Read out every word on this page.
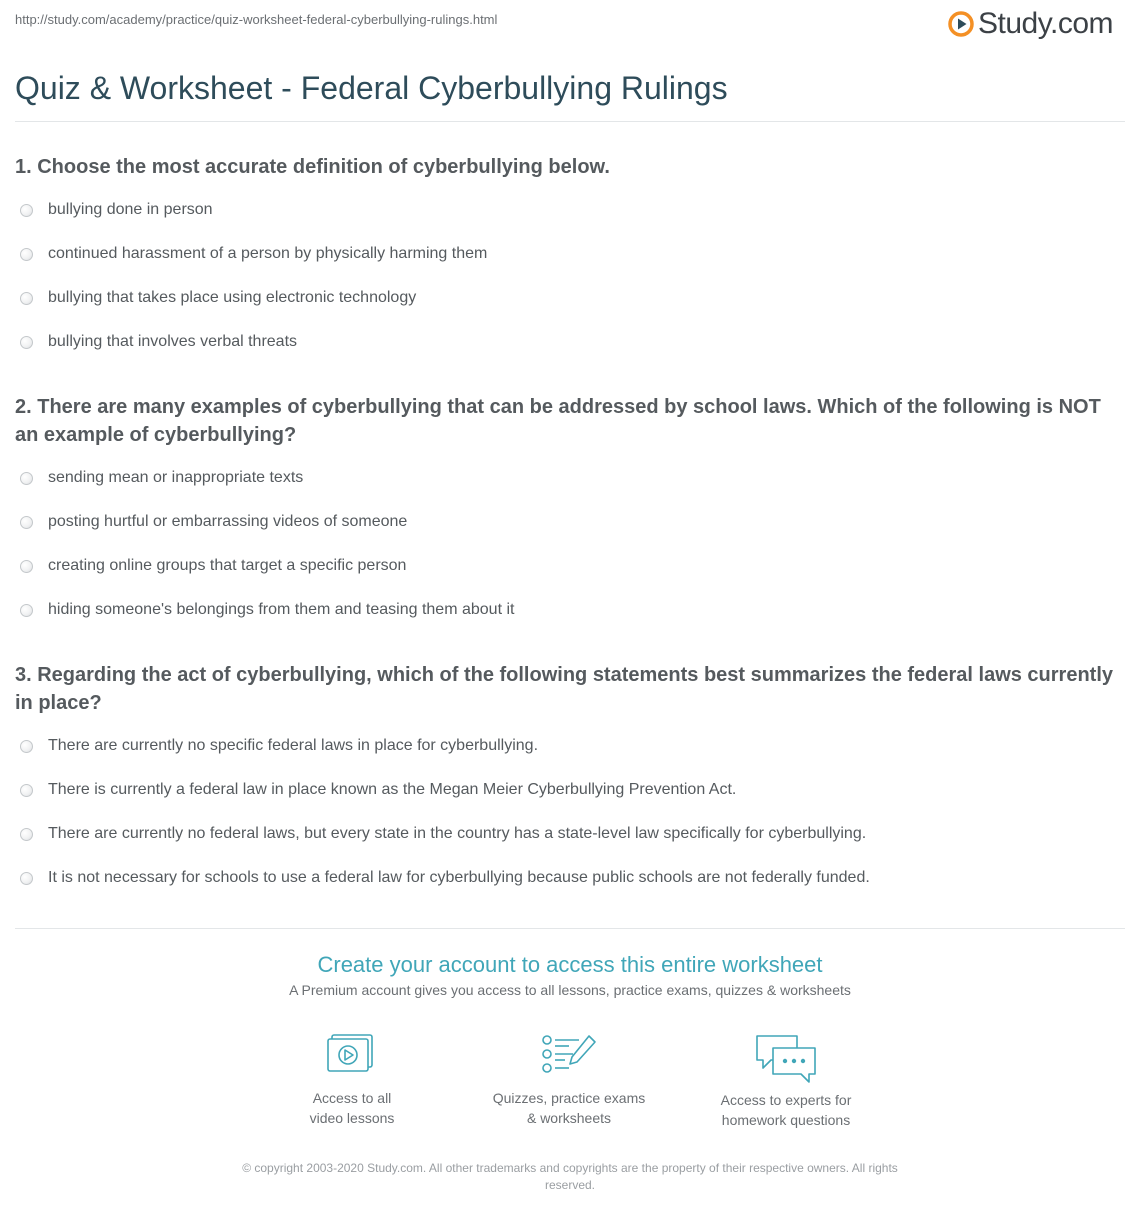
http://study.com/academy/practice/quiz-worksheet-federal-cyberbullying-rulings.html	Study.com
Quiz & Worksheet - Federal Cyberbullying Rulings
1. Choose the most accurate definition of cyberbullying below.
bullying done in person
continued harassment of a person by physically harming them
bullying that takes place using electronic technology
bullying that involves verbal threats
2. There are many examples of cyberbullying that can be addressed by school laws. Which of the following is NOT an example of cyberbullying?
sending mean or inappropriate texts
posting hurtful or embarrassing videos of someone
creating online groups that target a specific person
hiding someone's belongings from them and teasing them about it
3. Regarding the act of cyberbullying, which of the following statements best summarizes the federal laws currently in place?
There are currently no specific federal laws in place for cyberbullying.
There is currently a federal law in place known as the Megan Meier Cyberbullying Prevention Act.
There are currently no federal laws, but every state in the country has a state-level law specifically for cyberbullying.
It is not necessary for schools to use a federal law for cyberbullying because public schools are not federally funded.
Create your account to access this entire worksheet
A Premium account gives you access to all lessons, practice exams, quizzes & worksheets
Access to all
video lessons
Quizzes, practice exams
& worksheets
Access to experts for
homework questions
© copyright 2003-2020 Study.com. All other trademarks and copyrights are the property of their respective owners. All rights reserved.
